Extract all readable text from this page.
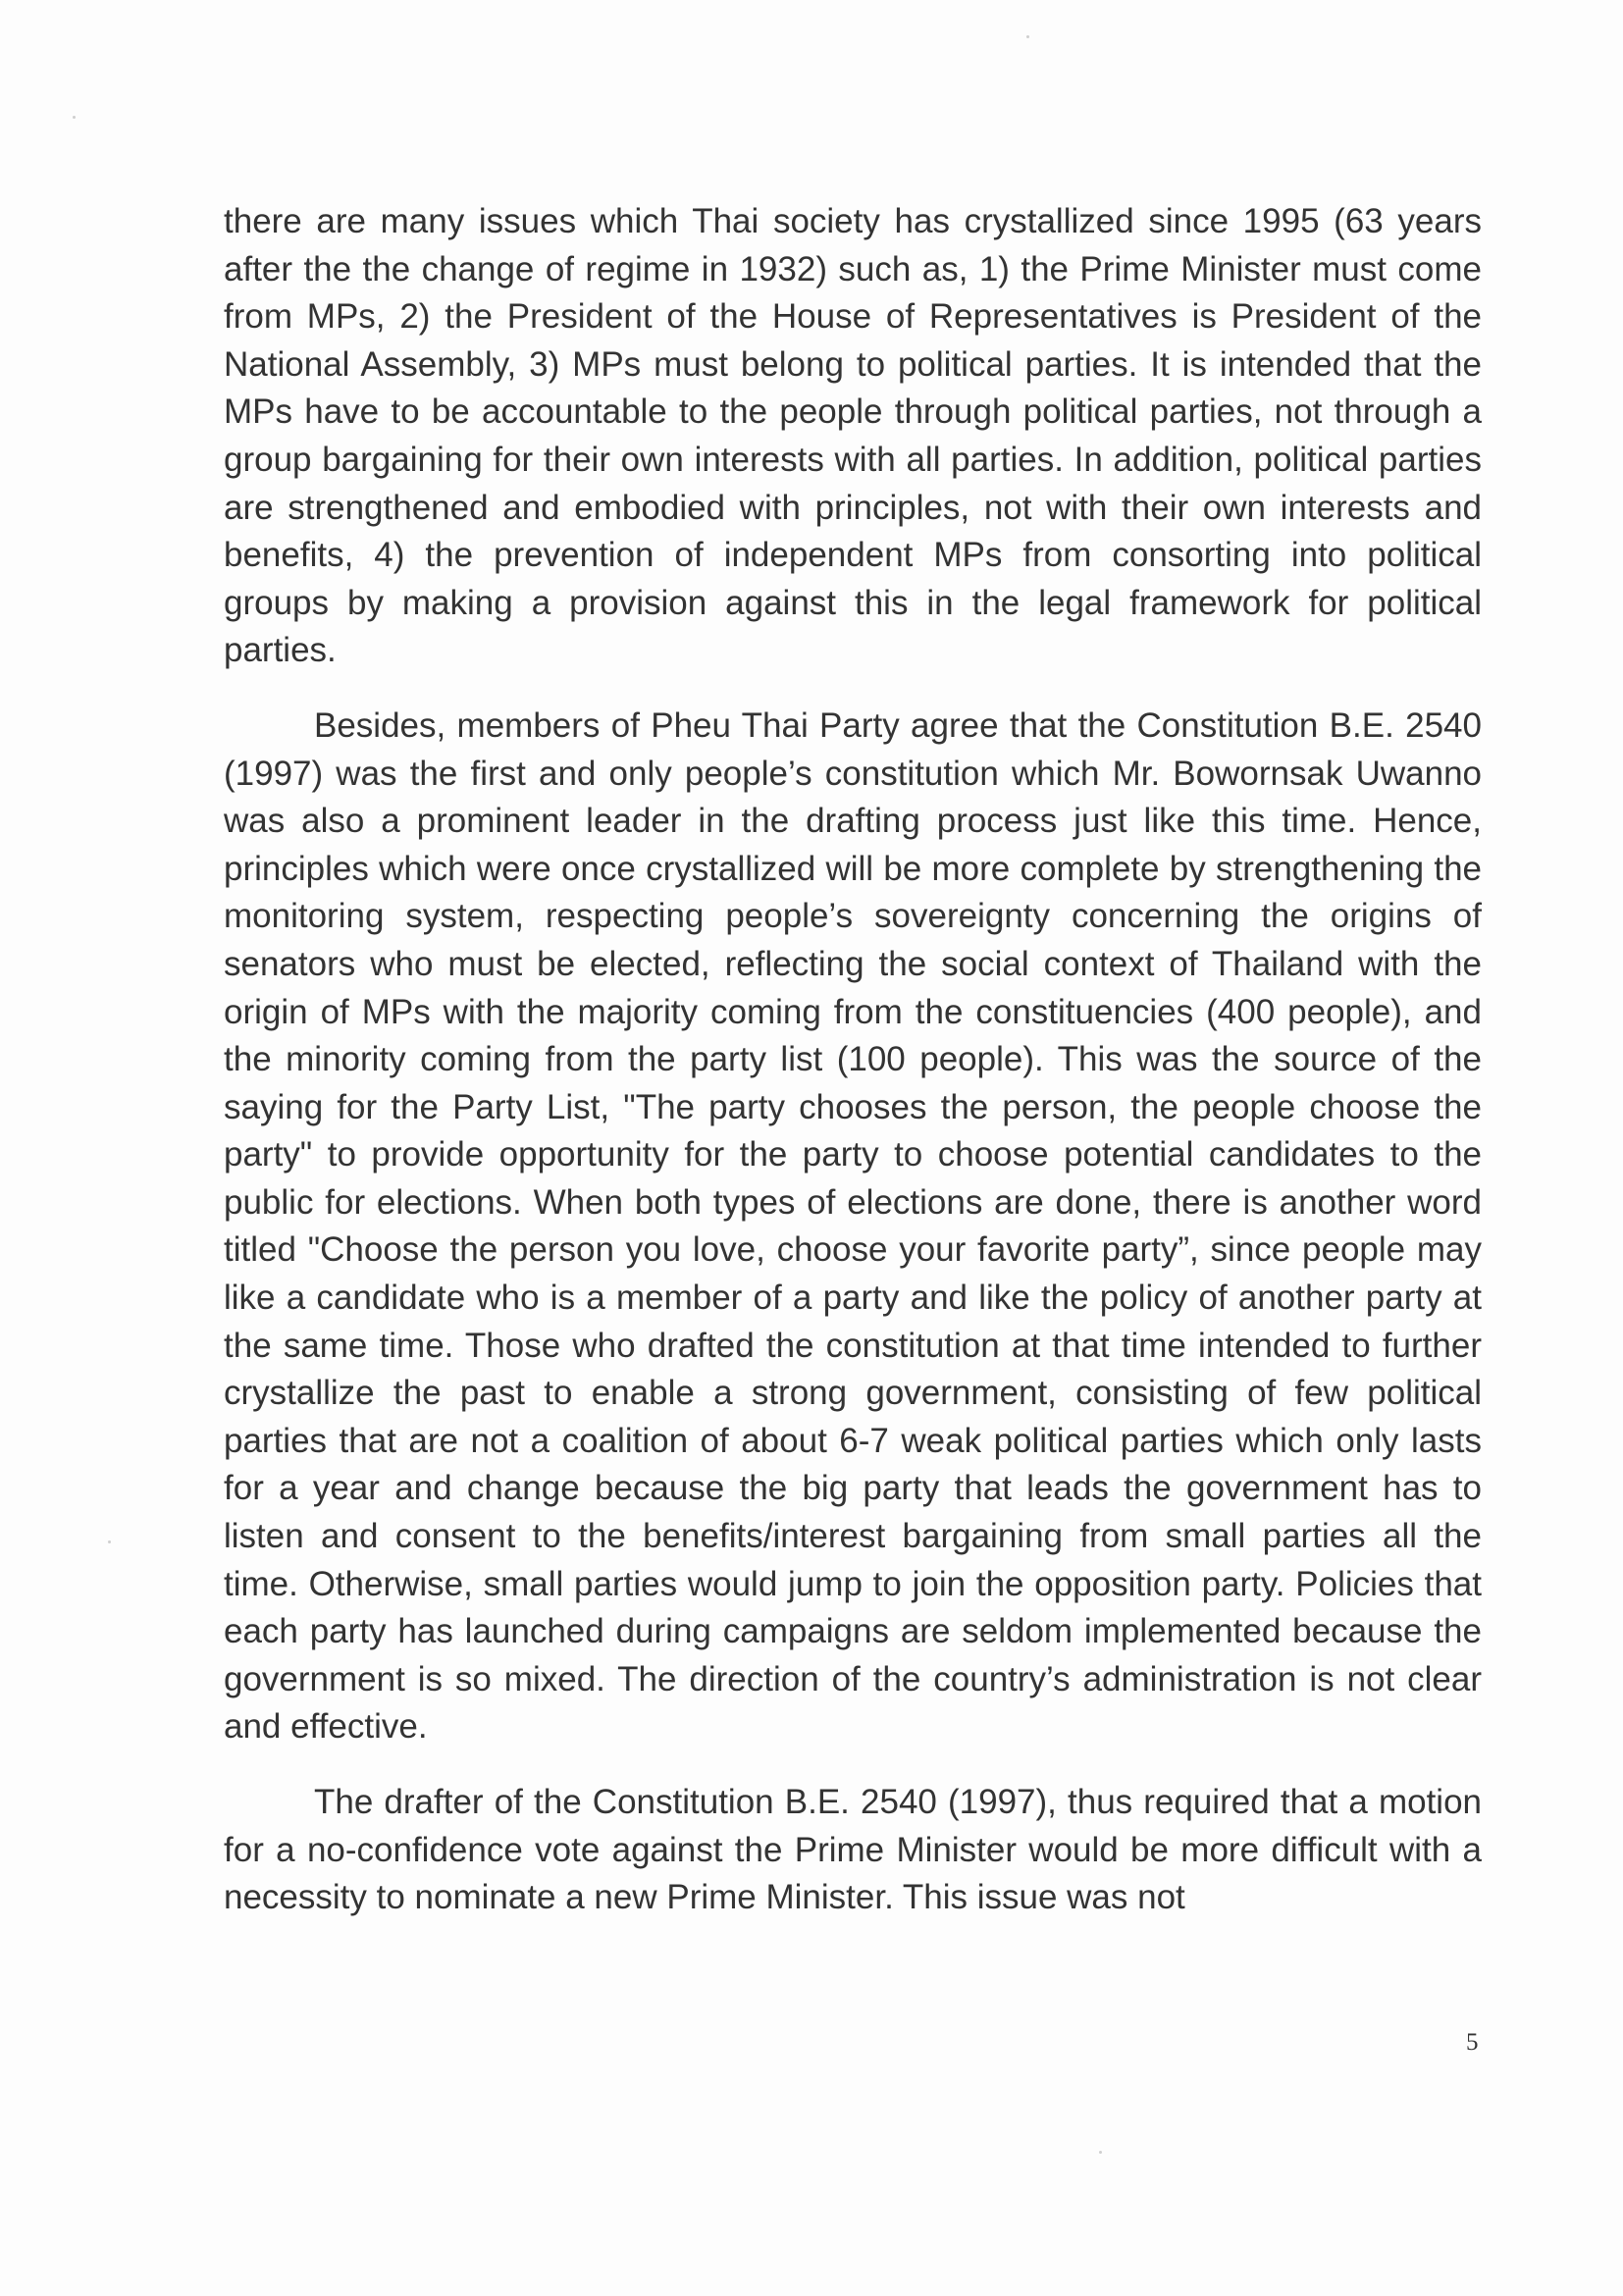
there are many issues which Thai society has crystallized since 1995 (63 years after the the change of regime in 1932) such as, 1) the Prime Minister must come from MPs, 2) the President of the House of Representatives is President of the National Assembly, 3) MPs must belong to political parties. It is intended that the MPs have to be accountable to the people through political parties, not through a group bargaining for their own interests with all parties. In addition, political parties are strengthened and embodied with principles, not with their own interests and benefits, 4) the prevention of independent MPs from consorting into political groups by making a provision against this in the legal framework for political parties.

Besides, members of Pheu Thai Party agree that the Constitution B.E. 2540 (1997) was the first and only people’s constitution which Mr. Bowornsak Uwanno was also a prominent leader in the drafting process just like this time. Hence, principles which were once crystallized will be more complete by strengthening the monitoring system, respecting people’s sovereignty concerning the origins of senators who must be elected, reflecting the social context of Thailand with the origin of MPs with the majority coming from the constituencies (400 people), and the minority coming from the party list (100 people). This was the source of the saying for the Party List, "The party chooses the person, the people choose the party" to provide opportunity for the party to choose potential candidates to the public for elections. When both types of elections are done, there is another word titled "Choose the person you love, choose your favorite party”, since people may like a candidate who is a member of a party and like the policy of another party at the same time. Those who drafted the constitution at that time intended to further crystallize the past to enable a strong government, consisting of few political parties that are not a coalition of about 6-7 weak political parties which only lasts for a year and change because the big party that leads the government has to listen and consent to the benefits/interest bargaining from small parties all the time. Otherwise, small parties would jump to join the opposition party. Policies that each party has launched during campaigns are seldom implemented because the government is so mixed. The direction of the country’s administration is not clear and effective.

The drafter of the Constitution B.E. 2540 (1997), thus required that a motion for a no-confidence vote against the Prime Minister would be more difficult with a necessity to nominate a new Prime Minister. This issue was not

5
